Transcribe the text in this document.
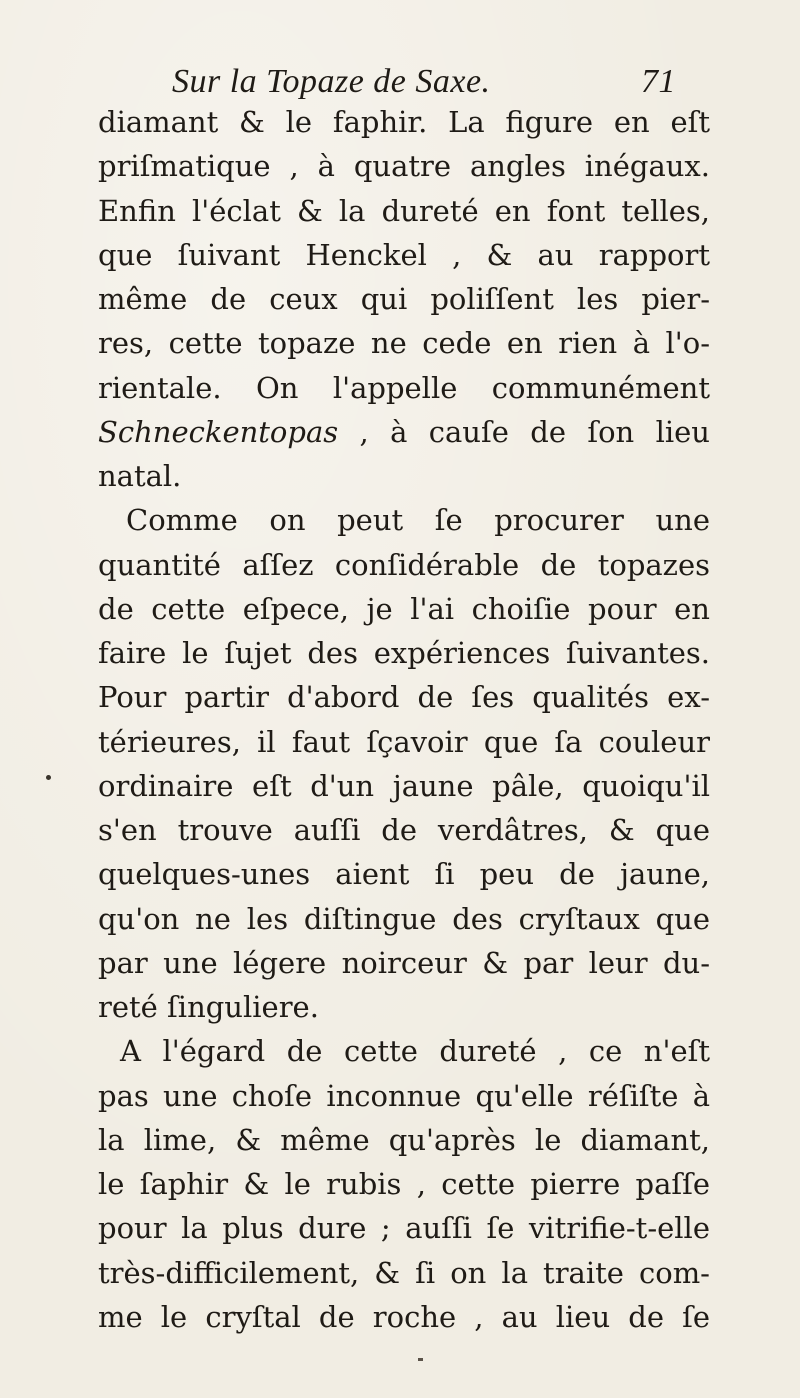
Sur la Topaze de Saxe.	71
diamant & le faphir. La figure en eſt
priſmatique , à quatre angles inégaux.
Enfin l'éclat & la dureté en font telles,
que ſuivant Henckel , & au rapport
même de ceux qui poliſſent les pier-
res, cette topaze ne cede en rien à l'o-
rientale. On l'appelle communément
Schneckentopas , à cauſe de ſon lieu
natal.
Comme on peut ſe procurer une
quantité aſſez conſidérable de topazes
de cette eſpece, je l'ai choiſie pour en
faire le ſujet des expériences ſuivantes.
Pour partir d'abord de ſes qualités ex-
térieures, il faut ſçavoir que ſa couleur
ordinaire eſt d'un jaune pâle, quoiqu'il
s'en trouve auſſi de verdâtres, & que
quelques-unes aient ſi peu de jaune,
qu'on ne les diſtingue des cryſtaux que
par une légere noirceur & par leur du-
reté ſinguliere.
A l'égard de cette dureté , ce n'eſt
pas une choſe inconnue qu'elle réſiſte à
la lime, & même qu'après le diamant,
le ſaphir & le rubis , cette pierre paſſe
pour la plus dure ; auſſi ſe vitrifie-t-elle
très-difficilement, & ſi on la traite com-
me le cryſtal de roche , au lieu de ſe
